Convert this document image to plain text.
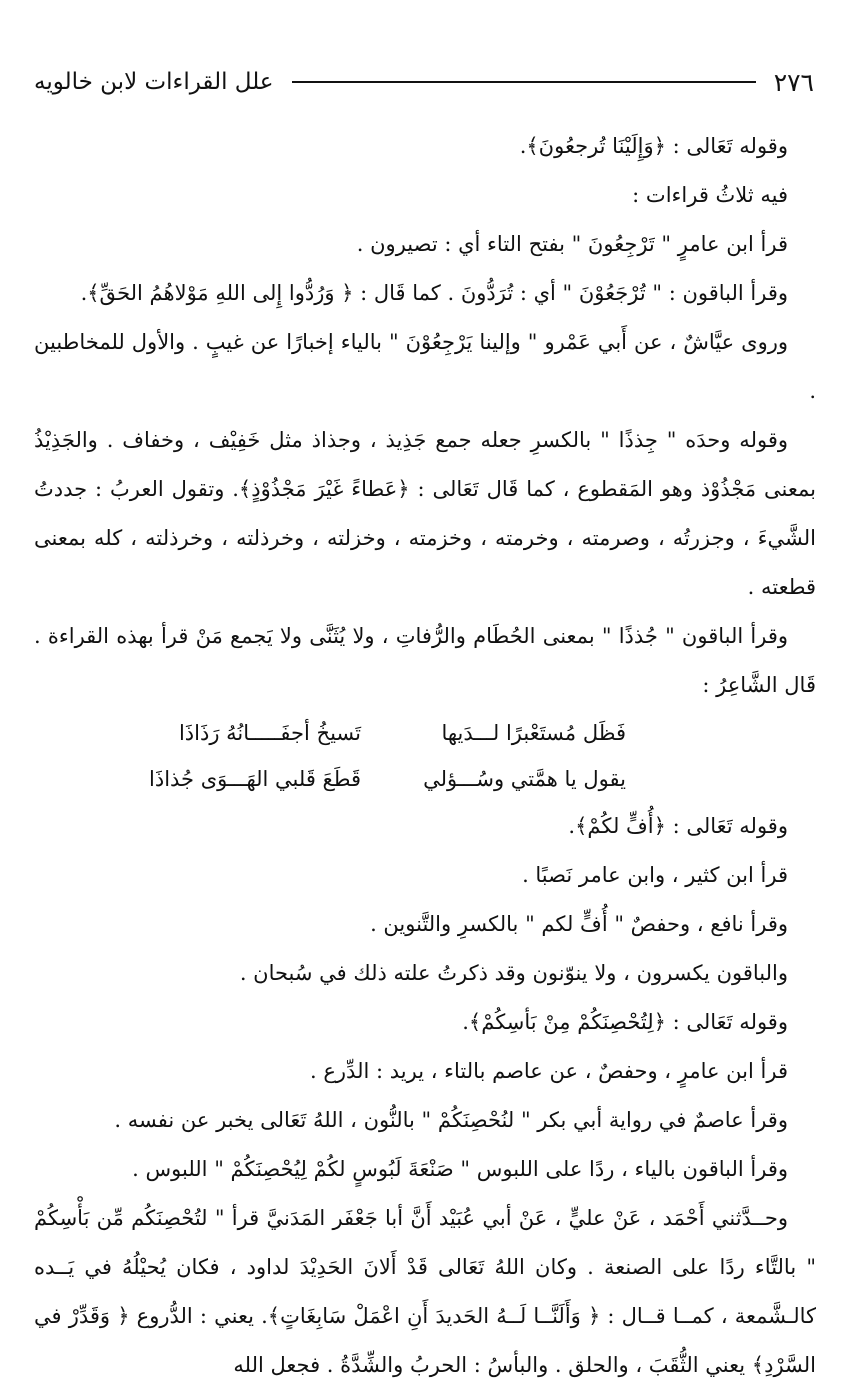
٢٧٦
علل القراءات لابن خالويه

وقوله تَعَالى : ﴿وَإِلَيْنَا تُرجعُونَ﴾.

فيه ثلاثُ قراءات :

قرأ ابن عامرٍ " تَرْجِعُونَ " بفتح التاء أي : تصيرون .

وقرأ الباقون : " تُرْجَعُوْنَ " أي : تُرَدُّونَ . كما قَال : ﴿ وَرُدُّوا إِلى اللهِ مَوْلاهُمُ الحَقِّ﴾.

وروى عيَّاشٌ ، عن أَبي عَمْرو " وإلينا يَرْجِعُوْنَ " بالياء إخبارًا عن غيبٍ . والأول للمخاطبين .

وقوله وحدَه " جِذذًا " بالكسرِ جعله جمع جَذِيذ ، وجذاذ مثل خَفِيْف ، وخفاف . والجَذِيْذُ بمعنى مَجْذُوْذ وهو المَقطوع ، كما قَال تَعَالى : ﴿عَطاءً غَيْرَ مَجْذُوْذٍ﴾. وتقول العربُ : جددتُ الشَّيءَ ، وجزرتُه ، وصرمته ، وخرمته ، وخزمته ، وخزلته ، وخرذلته ، وخرذلته ، كله بمعنى قطعته .

وقرأ الباقون " جُذذًا " بمعنى الحُطَام والرُّفاتِ ، ولا يُثَنَّى ولا يَجمع مَنْ قرأ بهذه القراءة . قَال الشَّاعِرُ :

فَظَل مُستَعْبرًا لـــدَيها
تَسيخُ أجفَـــــانُهُ رَذَاذَا
يقول يا همَّتي وسُـــؤلي
قَطَعَ قَلبي الهَـــوَى جُذاذَا

وقوله تَعَالى : ﴿أُفٍّ لكُمْ﴾.

قرأ ابن كثير ، وابن عامر نَصبًا .

وقرأ نافع ، وحفصٌ " أُفٍّ لكم " بالكسرِ والتَّنوين .

والباقون يكسرون ، ولا ينوّنون وقد ذكرتُ علته ذلك في سُبحان .

وقوله تَعَالى : ﴿لِتُحْصِنَكُمْ مِنْ بَأسِكُمْ﴾.

قرأ ابن عامرٍ ، وحفصٌ ، عن عاصم بالتاء ، يريد : الدِّرع .

وقرأ عاصمٌ في رواية أبي بكر " لنُحْصِنَكُمْ " بالنُّون ، اللهُ تَعَالى يخبر عن نفسه .

وقرأ الباقون بالياء ، ردًا على اللبوس " صَنْعَةَ لَبُوسٍ لكُمْ لِيُحْصِنَكُمْ " اللبوس .

وحــدَّثني أَحْمَد ، عَنْ عليٍّ ، عَنْ أبي عُبَيْد أَنَّ أبا جَعْفَر المَدَنيَّ قرأ " لتُحْصِنَكُم مِّن بَأْسِكُمْ " بالتَّاء ردًا على الصنعة . وكان اللهُ تَعَالى قَدْ أَلانَ الحَدِيْدَ لداود ، فكان يُحيْلُهُ في يَــده كالـشَّمعة ، كمــا قــال : ﴿ وَأَلَنَّــا لَــهُ الحَديدَ أَنِ اعْمَلْ سَابِغَاتٍ﴾. يعني : الدُّروع ﴿ وَقَدِّرْ في السَّرْدِ﴾ يعني الثُّقَبَ ، والحلق . والبأسُ : الحربُ والشِّدَّةُ . فجعل الله
